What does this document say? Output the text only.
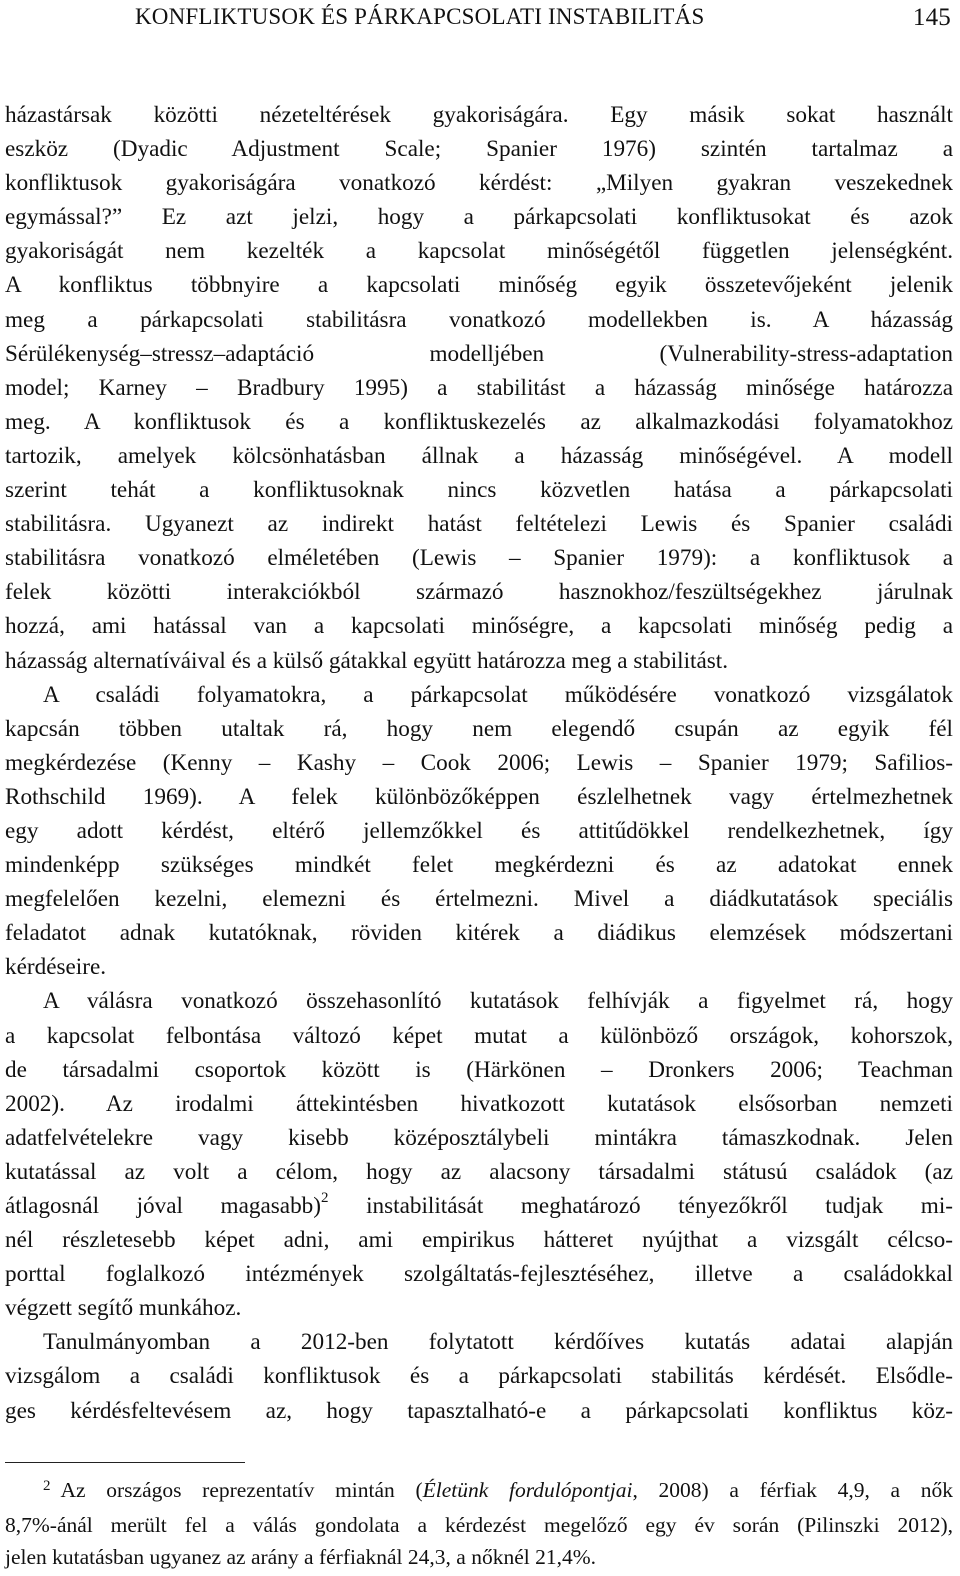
KONFLIKTUSOK ÉS PÁRKAPCSOLATI INSTABILITÁS	145

házastársak közötti nézeteltérések gyakoriságára. Egy másik sokat használt
eszköz (Dyadic Adjustment Scale; Spanier 1976) szintén tartalmaz a
konfliktusok gyakoriságára vonatkozó kérdést: „Milyen gyakran veszekednek
egymással?” Ez azt jelzi, hogy a párkapcsolati konfliktusokat és azok
gyakoriságát nem kezelték a kapcsolat minőségétől független jelenségként.
A konfliktus többnyire a kapcsolati minőség egyik összetevőjeként jelenik
meg a párkapcsolati stabilitásra vonatkozó modellekben is. A házasság
Sérülékenység–stressz–adaptáció modelljében (Vulnerability-stress-adaptation
model; Karney – Bradbury 1995) a stabilitást a házasság minősége határozza
meg. A konfliktusok és a konfliktuskezelés az alkalmazkodási folyamatokhoz
tartozik, amelyek kölcsönhatásban állnak a házasság minőségével. A modell
szerint tehát a konfliktusoknak nincs közvetlen hatása a párkapcsolati
stabilitásra. Ugyanezt az indirekt hatást feltételezi Lewis és Spanier családi
stabilitásra vonatkozó elméletében (Lewis – Spanier 1979): a konfliktusok a
felek közötti interakciókból származó hasznokhoz/feszültségekhez járulnak
hozzá, ami hatással van a kapcsolati minőségre, a kapcsolati minőség pedig a
házasság alternatíváival és a külső gátakkal együtt határozza meg a stabilitást.

A családi folyamatokra, a párkapcsolat működésére vonatkozó vizsgálatok
kapcsán többen utaltak rá, hogy nem elegendő csupán az egyik fél
megkérdezése (Kenny – Kashy – Cook 2006; Lewis – Spanier 1979; Safilios-
Rothschild 1969). A felek különbözőképpen észlelhetnek vagy értelmezhetnek
egy adott kérdést, eltérő jellemzőkkel és attitűdökkel rendelkezhetnek, így
mindenképp szükséges mindkét felet megkérdezni és az adatokat ennek
megfelelően kezelni, elemezni és értelmezni. Mivel a diádkutatások speciális
feladatot adnak kutatóknak, röviden kitérek a diádikus elemzések módszertani
kérdéseire.

A válásra vonatkozó összehasonlító kutatások felhívják a figyelmet rá, hogy
a kapcsolat felbontása változó képet mutat a különböző országok, kohorszok,
de társadalmi csoportok között is (Härkönen – Dronkers 2006; Teachman
2002). Az irodalmi áttekintésben hivatkozott kutatások elsősorban nemzeti
adatfelvételekre vagy kisebb középosztálybeli mintákra támaszkodnak. Jelen
kutatással az volt a célom, hogy az alacsony társadalmi státusú családok (az
átlagosnál jóval magasabb)$^2$ instabilitását meghatározó tényezőkről tudjak mi-
nél részletesebb képet adni, ami empirikus hátteret nyújthat a vizsgált célcso-
porttal foglalkozó intézmények szolgáltatás-fejlesztéséhez, illetve a családokkal
végzett segítő munkához.

Tanulmányomban a 2012-ben folytatott kérdőíves kutatás adatai alapján
vizsgálom a családi konfliktusok és a párkapcsolati stabilitás kérdését. Elsődle-
ges kérdésfeltevésem az, hogy tapasztalható-e a párkapcsolati konfliktus köz-

2 Az országos reprezentatív mintán (Életünk fordulópontjai, 2008) a férfiak 4,9, a nők
8,7%-ánál merült fel a válás gondolata a kérdezést megelőző egy év során (Pilinszki 2012),
jelen kutatásban ugyanez az arány a férfiaknál 24,3, a nőknél 21,4%.
